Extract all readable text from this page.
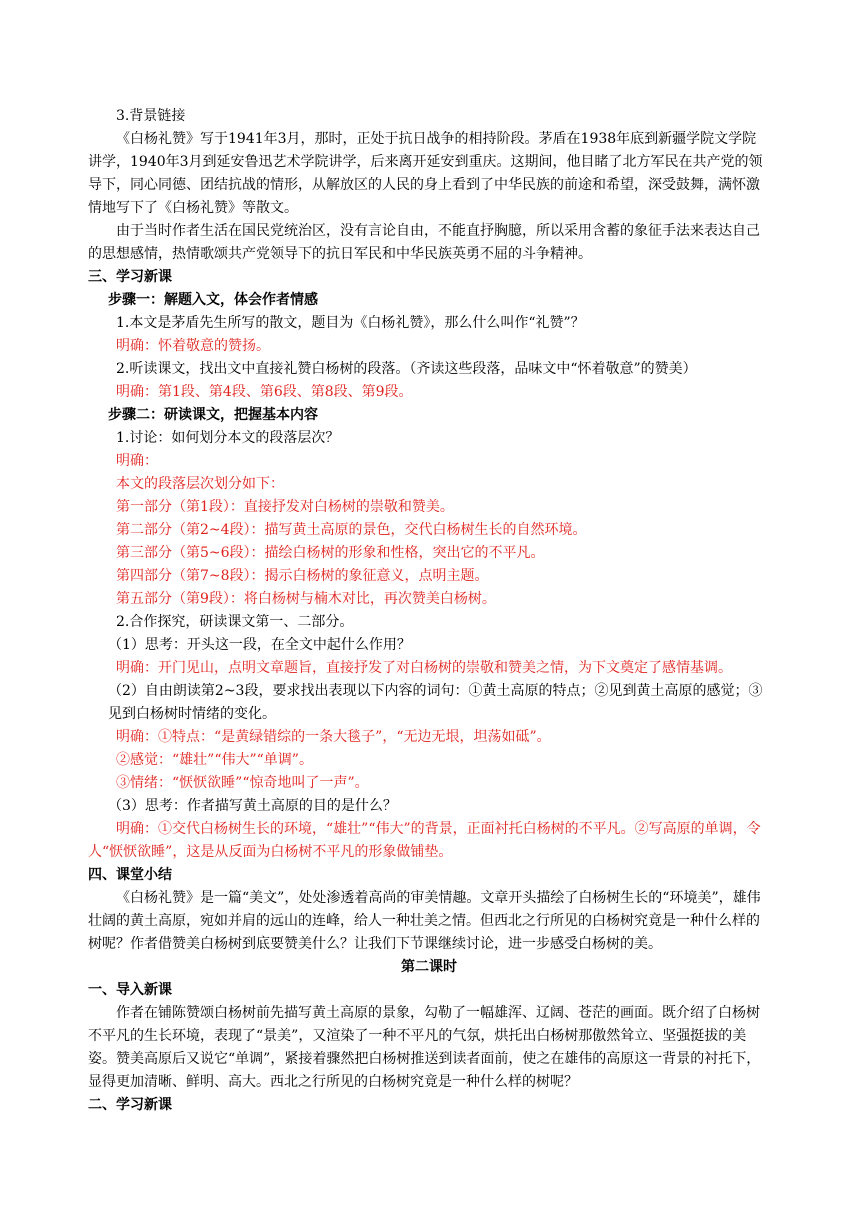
3.背景链接

《白杨礼赞》写于1941年3月，那时，正处于抗日战争的相持阶段。茅盾在1938年底到新疆学院文学院讲学，1940年3月到延安鲁迅艺术学院讲学，后来离开延安到重庆。这期间，他目睹了北方军民在共产党的领导下，同心同德、团结抗战的情形，从解放区的人民的身上看到了中华民族的前途和希望，深受鼓舞，满怀激情地写下了《白杨礼赞》等散文。

由于当时作者生活在国民党统治区，没有言论自由，不能直抒胸臆，所以采用含蓄的象征手法来表达自己的思想感情，热情歌颂共产党领导下的抗日军民和中华民族英勇不屈的斗争精神。

三、学习新课

步骤一：解题入文，体会作者情感

1.本文是茅盾先生所写的散文，题目为《白杨礼赞》，那么什么叫作“礼赞”？

明确：怀着敬意的赞扬。

2.听读课文，找出文中直接礼赞白杨树的段落。（齐读这些段落，品味文中“怀着敬意”的赞美）

明确：第1段、第4段、第6段、第8段、第9段。

步骤二：研读课文，把握基本内容

1.讨论：如何划分本文的段落层次？

明确：

本文的段落层次划分如下：

第一部分（第1段）：直接抒发对白杨树的崇敬和赞美。

第二部分（第2~4段）：描写黄土高原的景色，交代白杨树生长的自然环境。

第三部分（第5~6段）：描绘白杨树的形象和性格，突出它的不平凡。

第四部分（第7~8段）：揭示白杨树的象征意义，点明主题。

第五部分（第9段）：将白杨树与楠木对比，再次赞美白杨树。

2.合作探究，研读课文第一、二部分。

（1）思考：开头这一段，在全文中起什么作用？

明确：开门见山，点明文章题旨，直接抒发了对白杨树的崇敬和赞美之情，为下文奠定了感情基调。

（2）自由朗读第2~3段，要求找出表现以下内容的词句：①黄土高原的特点；②见到黄土高原的感觉；③见到白杨树时情绪的变化。

明确：①特点：“是黄绿错综的一条大毯子”，“无边无垠，坦荡如砥”。

②感觉：“雄壮”“伟大”“单调”。

③情绪：“恹恹欲睡”“惊奇地叫了一声”。

（3）思考：作者描写黄土高原的目的是什么？

明确：①交代白杨树生长的环境，“雄壮”“伟大”的背景，正面衬托白杨树的不平凡。②写高原的单调，令人“恹恹欲睡”，这是从反面为白杨树不平凡的形象做铺垫。

四、课堂小结

《白杨礼赞》是一篇“美文”，处处渗透着高尚的审美情趣。文章开头描绘了白杨树生长的“环境美”，雄伟壮阔的黄土高原，宛如并肩的远山的连峰，给人一种壮美之情。但西北之行所见的白杨树究竟是一种什么样的树呢？作者借赞美白杨树到底要赞美什么？让我们下节课继续讨论，进一步感受白杨树的美。

第二课时

一、导入新课

作者在铺陈赞颂白杨树前先描写黄土高原的景象，勾勒了一幅雄浑、辽阔、苍茫的画面。既介绍了白杨树不平凡的生长环境，表现了“景美”，又渲染了一种不平凡的气氛，烘托出白杨树那傲然耸立、坚强挺拔的美姿。赞美高原后又说它“单调”，紧接着骤然把白杨树推送到读者面前，使之在雄伟的高原这一背景的衬托下，显得更加清晰、鲜明、高大。西北之行所见的白杨树究竟是一种什么样的树呢？

二、学习新课
